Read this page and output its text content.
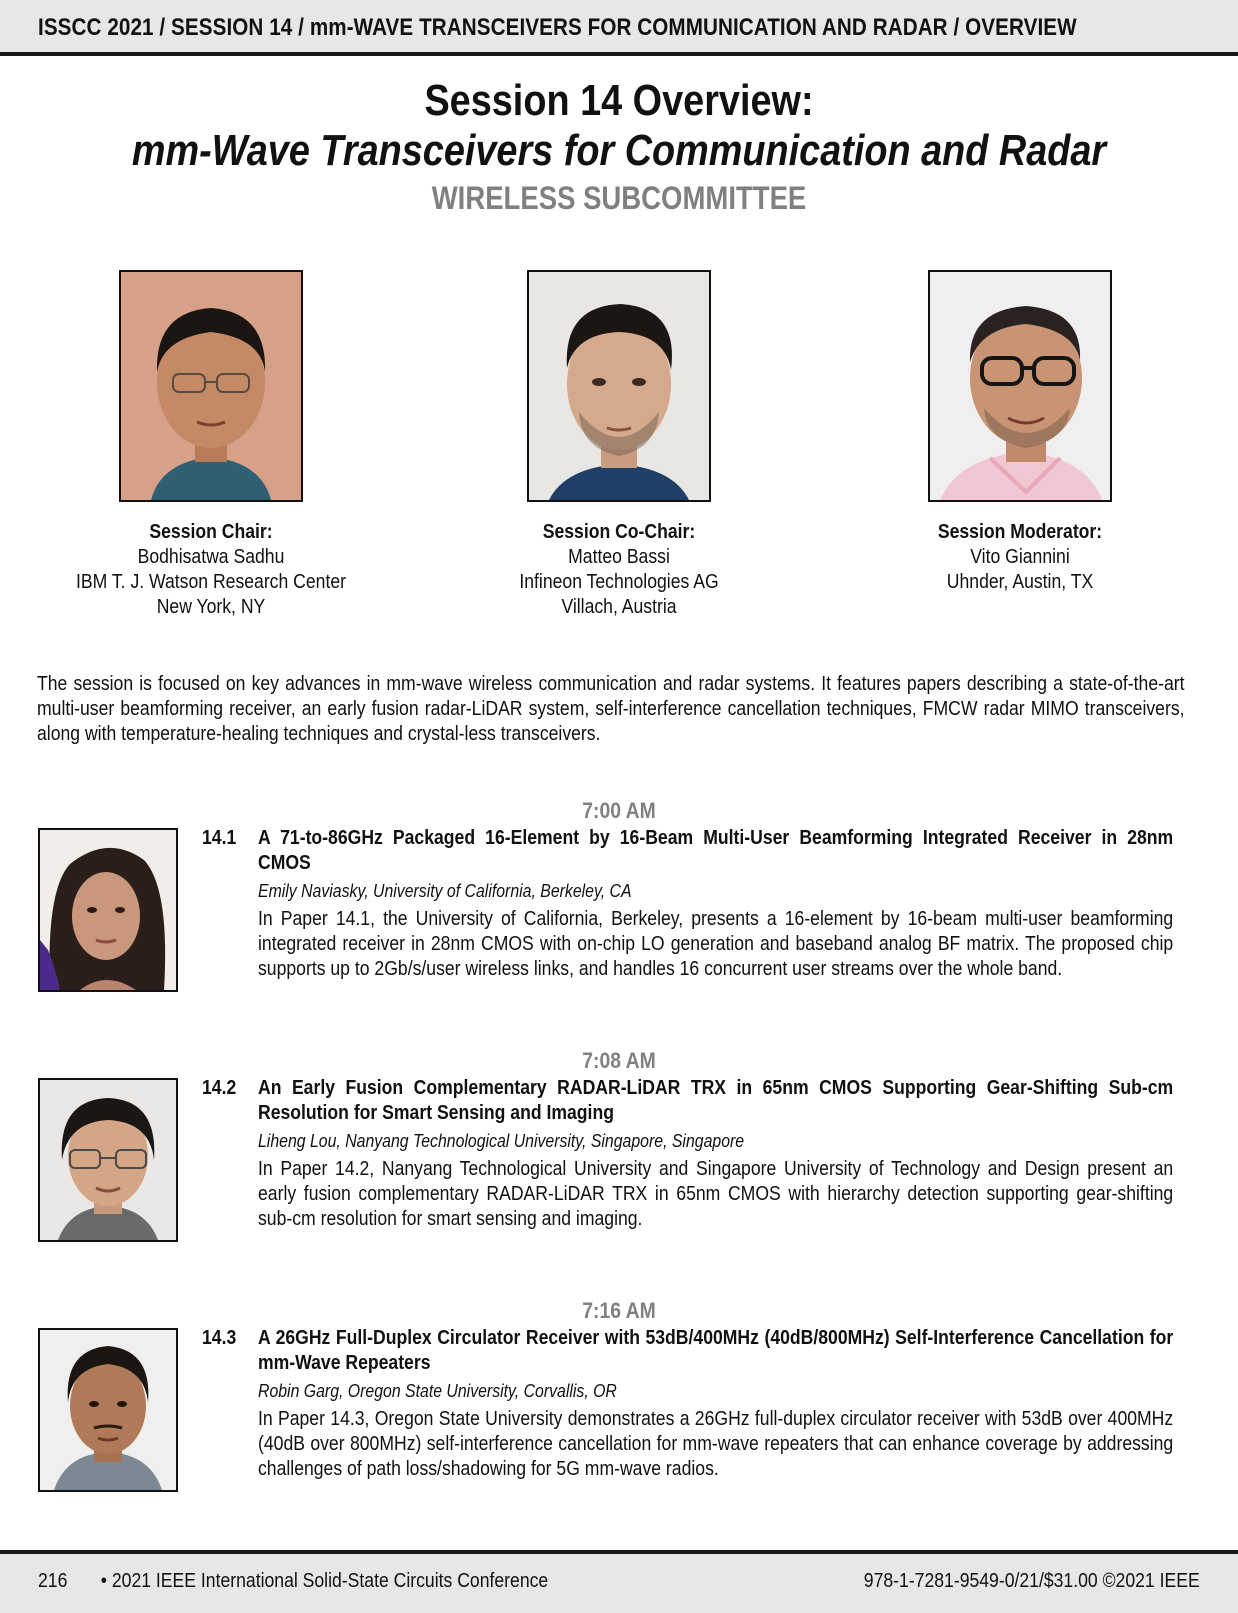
ISSCC 2021 / SESSION 14 / mm-WAVE TRANSCEIVERS FOR COMMUNICATION AND RADAR / OVERVIEW
Session 14 Overview:
mm-Wave Transceivers for Communication and Radar
WIRELESS SUBCOMMITTEE
Session Chair:
Bodhisatwa Sadhu
IBM T. J. Watson Research Center
New York, NY
Session Co-Chair:
Matteo Bassi
Infineon Technologies AG
Villach, Austria
Session Moderator:
Vito Giannini
Uhnder, Austin, TX
The session is focused on key advances in mm-wave wireless communication and radar systems. It features papers describing a state-of-the-art multi-user beamforming receiver, an early fusion radar-LiDAR system, self-interference cancellation techniques, FMCW radar MIMO transceivers, along with temperature-healing techniques and crystal-less transceivers.
7:00 AM
14.1 A 71-to-86GHz Packaged 16-Element by 16-Beam Multi-User Beamforming Integrated Receiver in 28nm CMOS
Emily Naviasky, University of California, Berkeley, CA
In Paper 14.1, the University of California, Berkeley, presents a 16-element by 16-beam multi-user beamforming integrated receiver in 28nm CMOS with on-chip LO generation and baseband analog BF matrix. The proposed chip supports up to 2Gb/s/user wireless links, and handles 16 concurrent user streams over the whole band.
7:08 AM
14.2 An Early Fusion Complementary RADAR-LiDAR TRX in 65nm CMOS Supporting Gear-Shifting Sub-cm Resolution for Smart Sensing and Imaging
Liheng Lou, Nanyang Technological University, Singapore, Singapore
In Paper 14.2, Nanyang Technological University and Singapore University of Technology and Design present an early fusion complementary RADAR-LiDAR TRX in 65nm CMOS with hierarchy detection supporting gear-shifting sub-cm resolution for smart sensing and imaging.
7:16 AM
14.3 A 26GHz Full-Duplex Circulator Receiver with 53dB/400MHz (40dB/800MHz) Self-Interference Cancellation for mm-Wave Repeaters
Robin Garg, Oregon State University, Corvallis, OR
In Paper 14.3, Oregon State University demonstrates a 26GHz full-duplex circulator receiver with 53dB over 400MHz (40dB over 800MHz) self-interference cancellation for mm-wave repeaters that can enhance coverage by addressing challenges of path loss/shadowing for 5G mm-wave radios.
216 • 2021 IEEE International Solid-State Circuits Conference	978-1-7281-9549-0/21/$31.00 ©2021 IEEE
